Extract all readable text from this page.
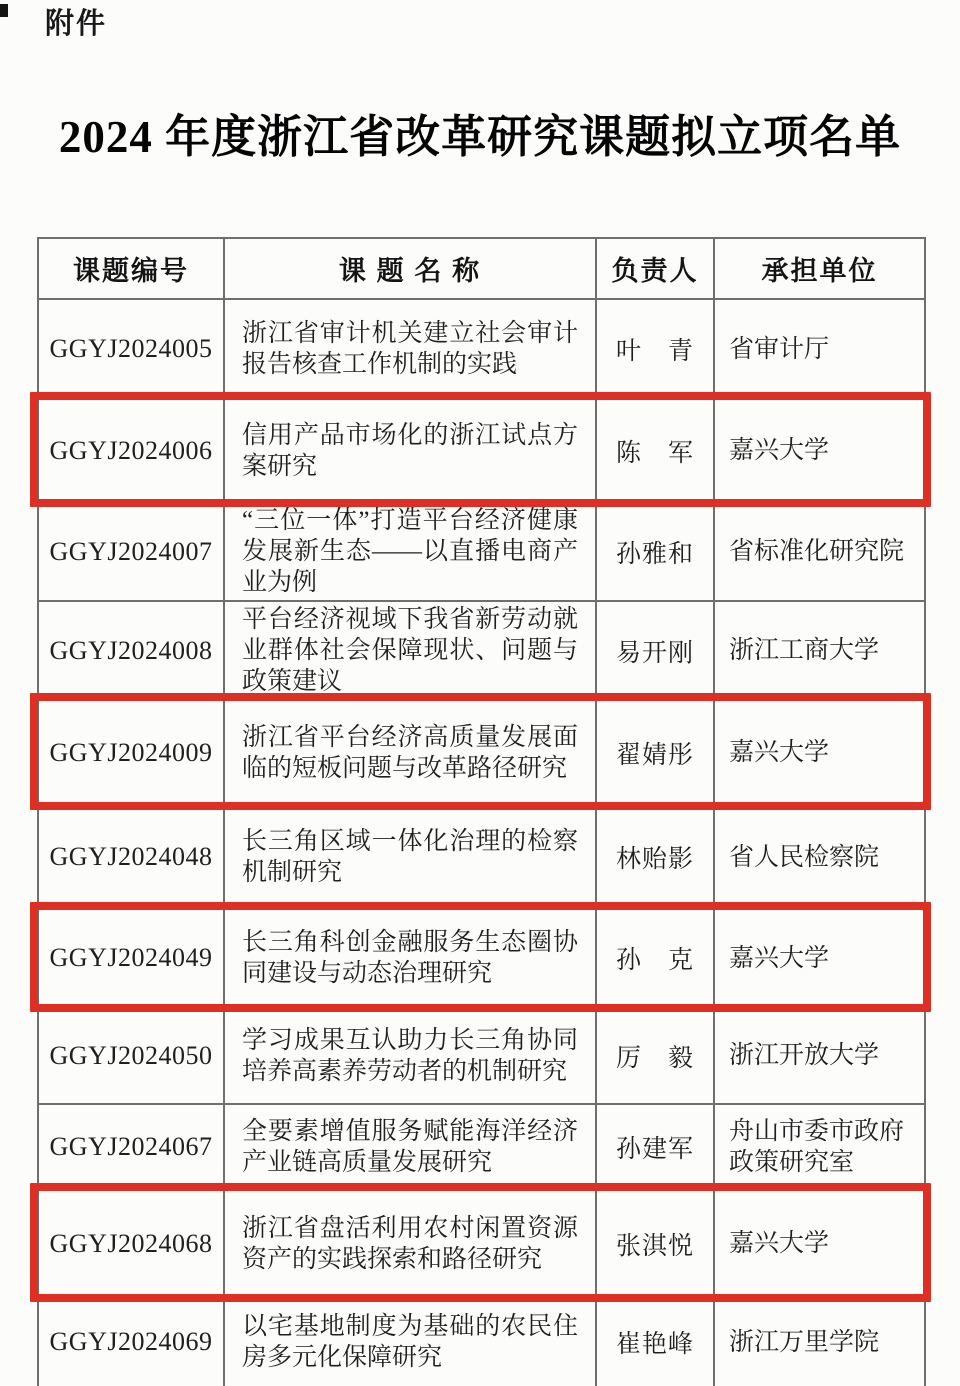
附件
2024 年度浙江省改革研究课题拟立项名单
课题编号	课 题 名 称	负责人	承担单位
GGYJ2024005	浙江省审计机关建立社会审计报告核查工作机制的实践	叶　青	省审计厅
GGYJ2024006	信用产品市场化的浙江试点方案研究	陈　军	嘉兴大学
GGYJ2024007	“三位一体”打造平台经济健康发展新生态——以直播电商产业为例	孙雅和	省标准化研究院
GGYJ2024008	平台经济视域下我省新劳动就业群体社会保障现状、问题与政策建议	易开刚	浙江工商大学
GGYJ2024009	浙江省平台经济高质量发展面临的短板问题与改革路径研究	翟婧彤	嘉兴大学
GGYJ2024048	长三角区域一体化治理的检察机制研究	林贻影	省人民检察院
GGYJ2024049	长三角科创金融服务生态圈协同建设与动态治理研究	孙　克	嘉兴大学
GGYJ2024050	学习成果互认助力长三角协同培养高素养劳动者的机制研究	厉　毅	浙江开放大学
GGYJ2024067	全要素增值服务赋能海洋经济产业链高质量发展研究	孙建军	舟山市委市政府政策研究室
GGYJ2024068	浙江省盘活利用农村闲置资源资产的实践探索和路径研究	张淇悦	嘉兴大学
GGYJ2024069	以宅基地制度为基础的农民住房多元化保障研究	崔艳峰	浙江万里学院
